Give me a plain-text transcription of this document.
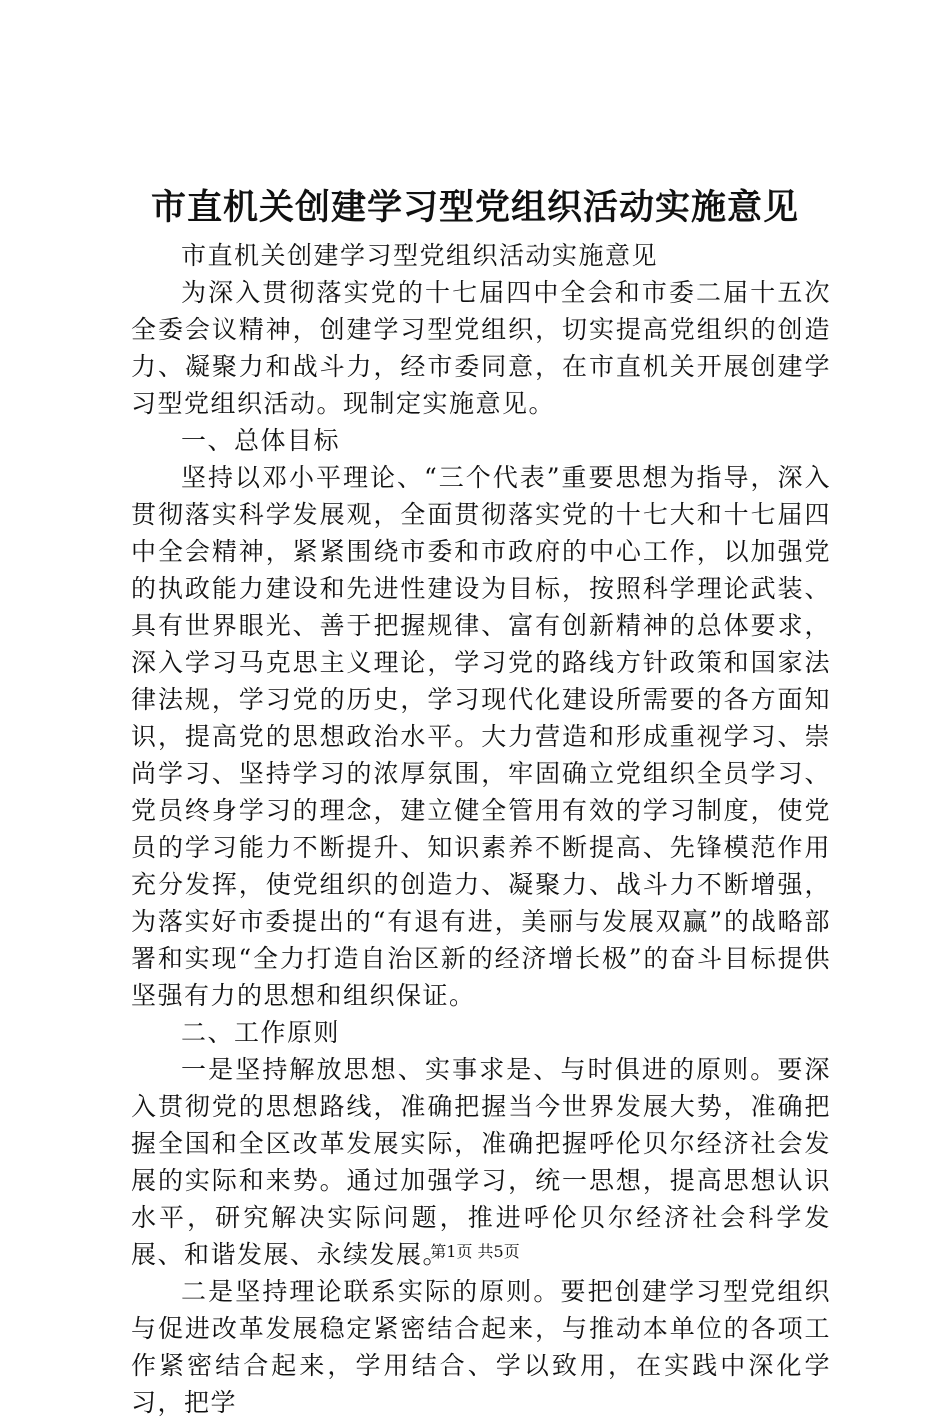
市直机关创建学习型党组织活动实施意见

市直机关创建学习型党组织活动实施意见

为深入贯彻落实党的十七届四中全会和市委二届十五次全委会议精神，创建学习型党组织，切实提高党组织的创造力、凝聚力和战斗力，经市委同意，在市直机关开展创建学习型党组织活动。现制定实施意见。

一、总体目标

坚持以邓小平理论、“三个代表”重要思想为指导，深入贯彻落实科学发展观，全面贯彻落实党的十七大和十七届四中全会精神，紧紧围绕市委和市政府的中心工作，以加强党的执政能力建设和先进性建设为目标，按照科学理论武装、具有世界眼光、善于把握规律、富有创新精神的总体要求，深入学习马克思主义理论，学习党的路线方针政策和国家法律法规，学习党的历史，学习现代化建设所需要的各方面知识，提高党的思想政治水平。大力营造和形成重视学习、崇尚学习、坚持学习的浓厚氛围，牢固确立党组织全员学习、党员终身学习的理念，建立健全管用有效的学习制度，使党员的学习能力不断提升、知识素养不断提高、先锋模范作用充分发挥，使党组织的创造力、凝聚力、战斗力不断增强，为落实好市委提出的“有退有进，美丽与发展双赢”的战略部署和实现“全力打造自治区新的经济增长极”的奋斗目标提供坚强有力的思想和组织保证。

二、工作原则

一是坚持解放思想、实事求是、与时俱进的原则。要深入贯彻党的思想路线，准确把握当今世界发展大势，准确把握全国和全区改革发展实际，准确把握呼伦贝尔经济社会发展的实际和来势。通过加强学习，统一思想，提高思想认识水平，研究解决实际问题，推进呼伦贝尔经济社会科学发展、和谐发展、永续发展。

二是坚持理论联系实际的原则。要把创建学习型党组织与促进改革发展稳定紧密结合起来，与推动本单位的各项工作紧密结合起来，学用结合、学以致用，在实践中深化学习，把学

第1页 共5页
